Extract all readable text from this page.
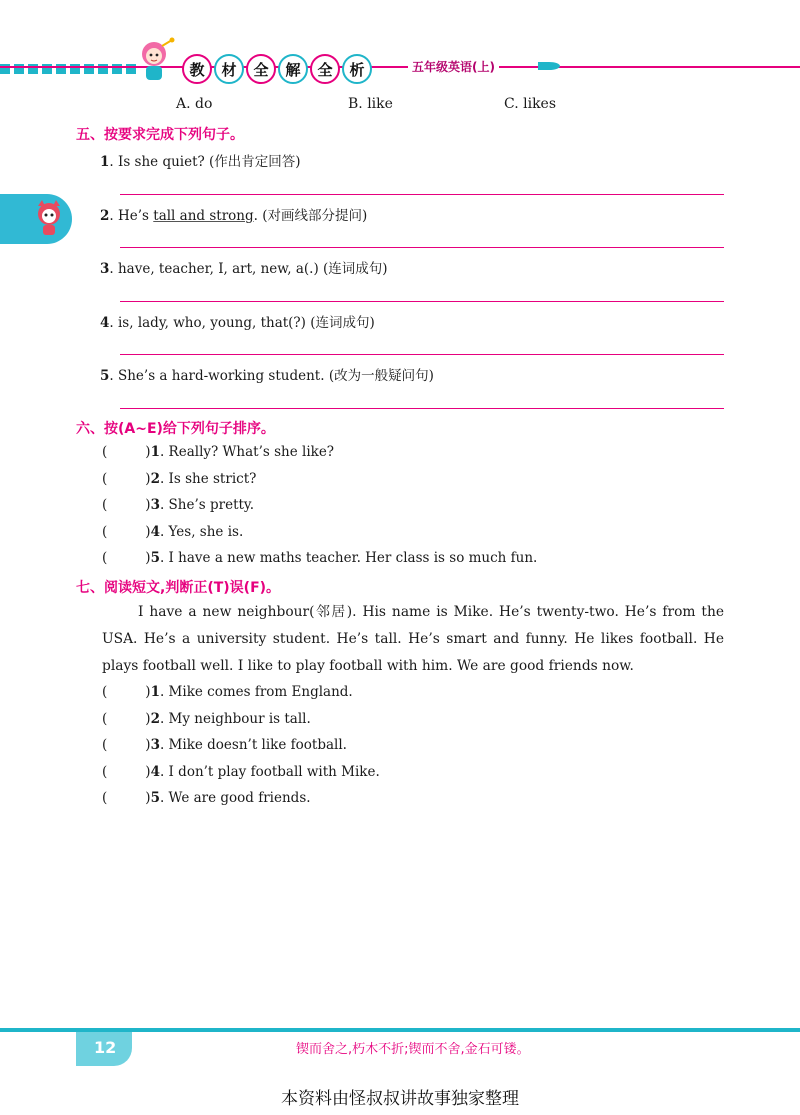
教	材	全	解	全	析	五年级英语(上)
A. do	B. like	C. likes
五、按要求完成下列句子。
1. Is she quiet? (作出肯定回答)
2. He’s tall and strong. (对画线部分提问)
3. have, teacher, I, art, new, a(.) (连词成句)
4. is, lady, who, young, that(?) (连词成句)
5. She’s a hard-working student. (改为一般疑问句)
六、按(A~E)给下列句子排序。
(	)1. Really? What’s she like?
(	)2. Is she strict?
(	)3. She’s pretty.
(	)4. Yes, she is.
(	)5. I have a new maths teacher. Her class is so much fun.
七、阅读短文,判断正(T)误(F)。
I have a new neighbour(邻居). His name is Mike. He’s twenty-two. He’s from the USA. He’s a university student. He’s tall. He’s smart and funny. He likes football. He plays football well. I like to play football with him. We are good friends now.
(	)1. Mike comes from England.
(	)2. My neighbour is tall.
(	)3. Mike doesn’t like football.
(	)4. I don’t play football with Mike.
(	)5. We are good friends.
12	锲而舍之,朽木不折;锲而不舍,金石可镂。
本资料由怪叔叔讲故事独家整理
